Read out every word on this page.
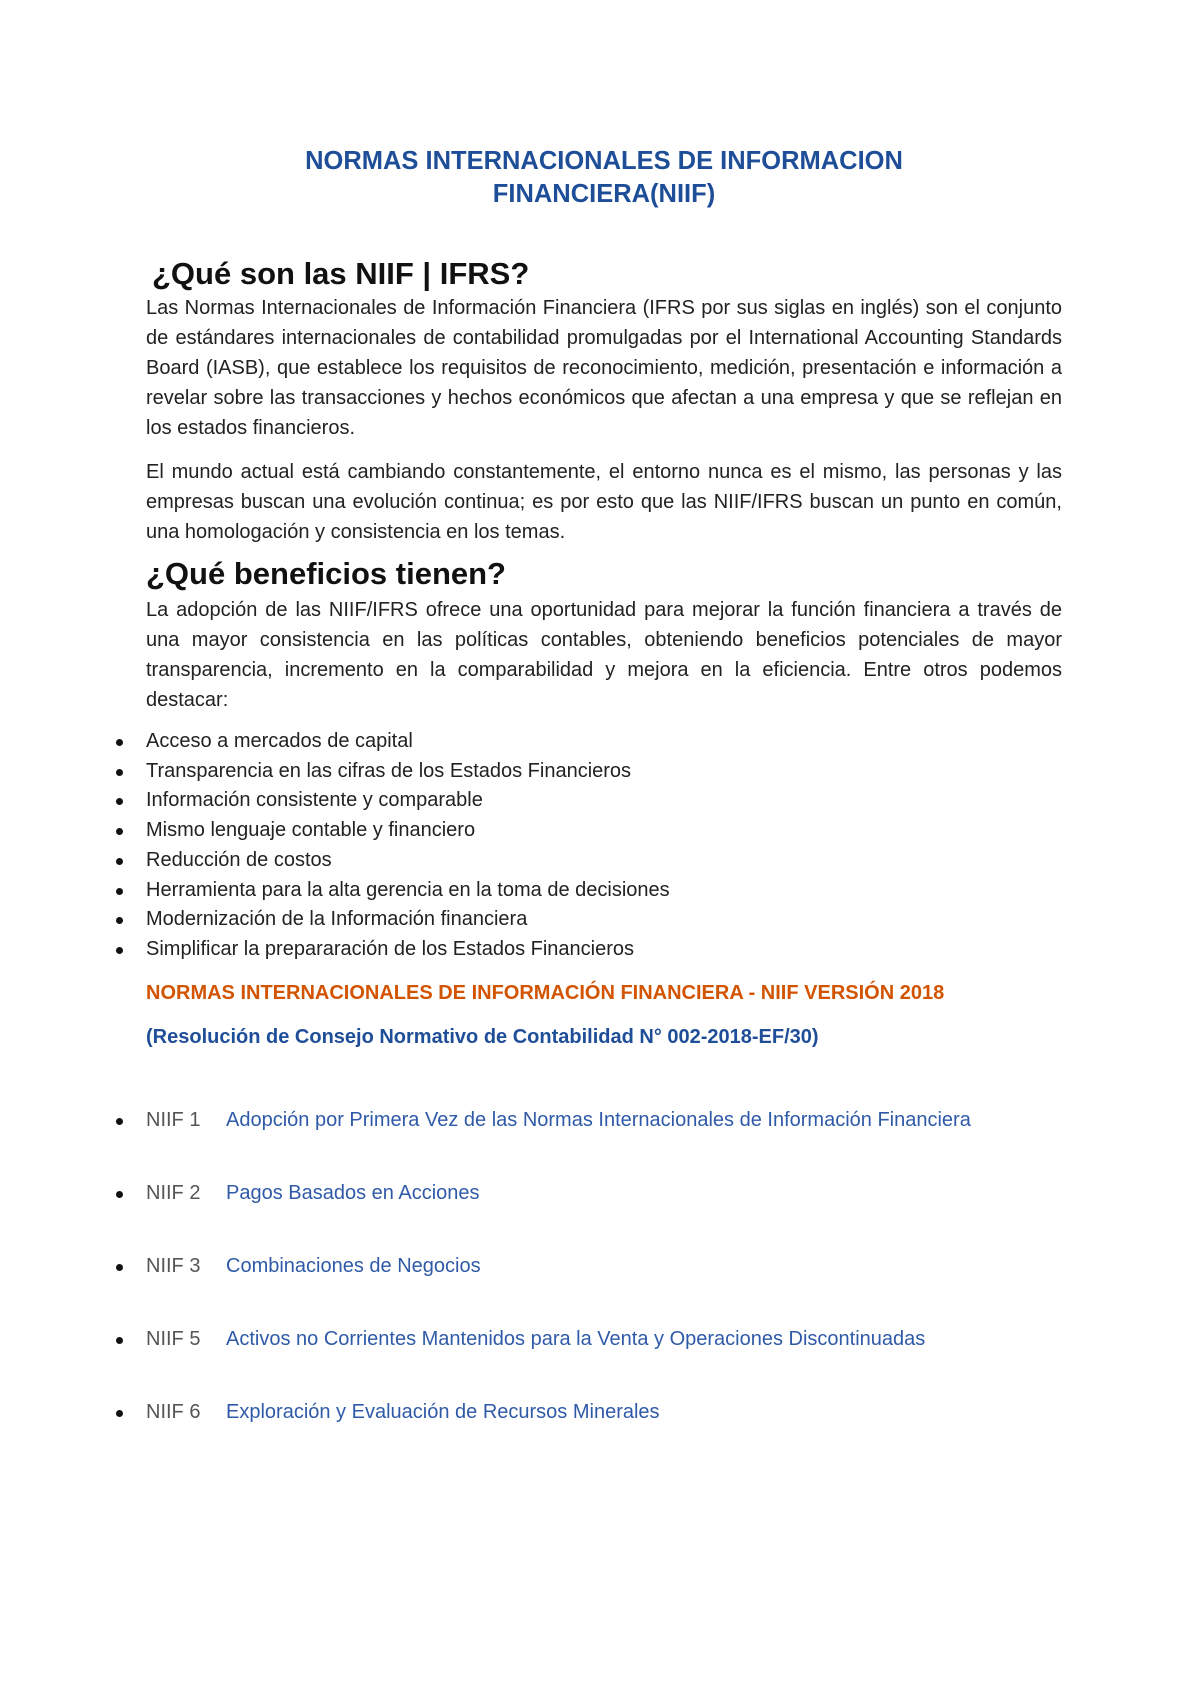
NORMAS INTERNACIONALES DE INFORMACION
FINANCIERA(NIIF)
¿Qué son las NIIF | IFRS?

Las Normas Internacionales de Información Financiera (IFRS por sus siglas en inglés) son el conjunto de estándares internacionales de contabilidad promulgadas por el International Accounting Standards Board (IASB), que establece los requisitos de reconocimiento, medición, presentación e información a revelar sobre las transacciones y hechos económicos que afectan a una empresa y que se reflejan en los estados financieros.

El mundo actual está cambiando constantemente, el entorno nunca es el mismo, las personas y las empresas buscan una evolución continua; es por esto que las NIIF/IFRS buscan un punto en común, una homologación y consistencia en los temas.

¿Qué beneficios tienen?

La adopción de las NIIF/IFRS ofrece una oportunidad para mejorar la función financiera a través de una mayor consistencia en las políticas contables, obteniendo beneficios potenciales de mayor transparencia, incremento en la comparabilidad y mejora en la eficiencia. Entre otros podemos destacar:

Acceso a mercados de capital
Transparencia en las cifras de los Estados Financieros
Información consistente y comparable
Mismo lenguaje contable y financiero
Reducción de costos
Herramienta para la alta gerencia en la toma de decisiones
Modernización de la Información financiera
Simplificar la prepararación de los Estados Financieros

NORMAS INTERNACIONALES DE INFORMACIÓN FINANCIERA - NIIF VERSIÓN 2018

(Resolución de Consejo Normativo de Contabilidad N° 002-2018-EF/30)

NIIF 1 Adopción por Primera Vez de las Normas Internacionales de Información Financiera
NIIF 2 Pagos Basados en Acciones
NIIF 3 Combinaciones de Negocios
NIIF 5 Activos no Corrientes Mantenidos para la Venta y Operaciones Discontinuadas
NIIF 6 Exploración y Evaluación de Recursos Minerales
